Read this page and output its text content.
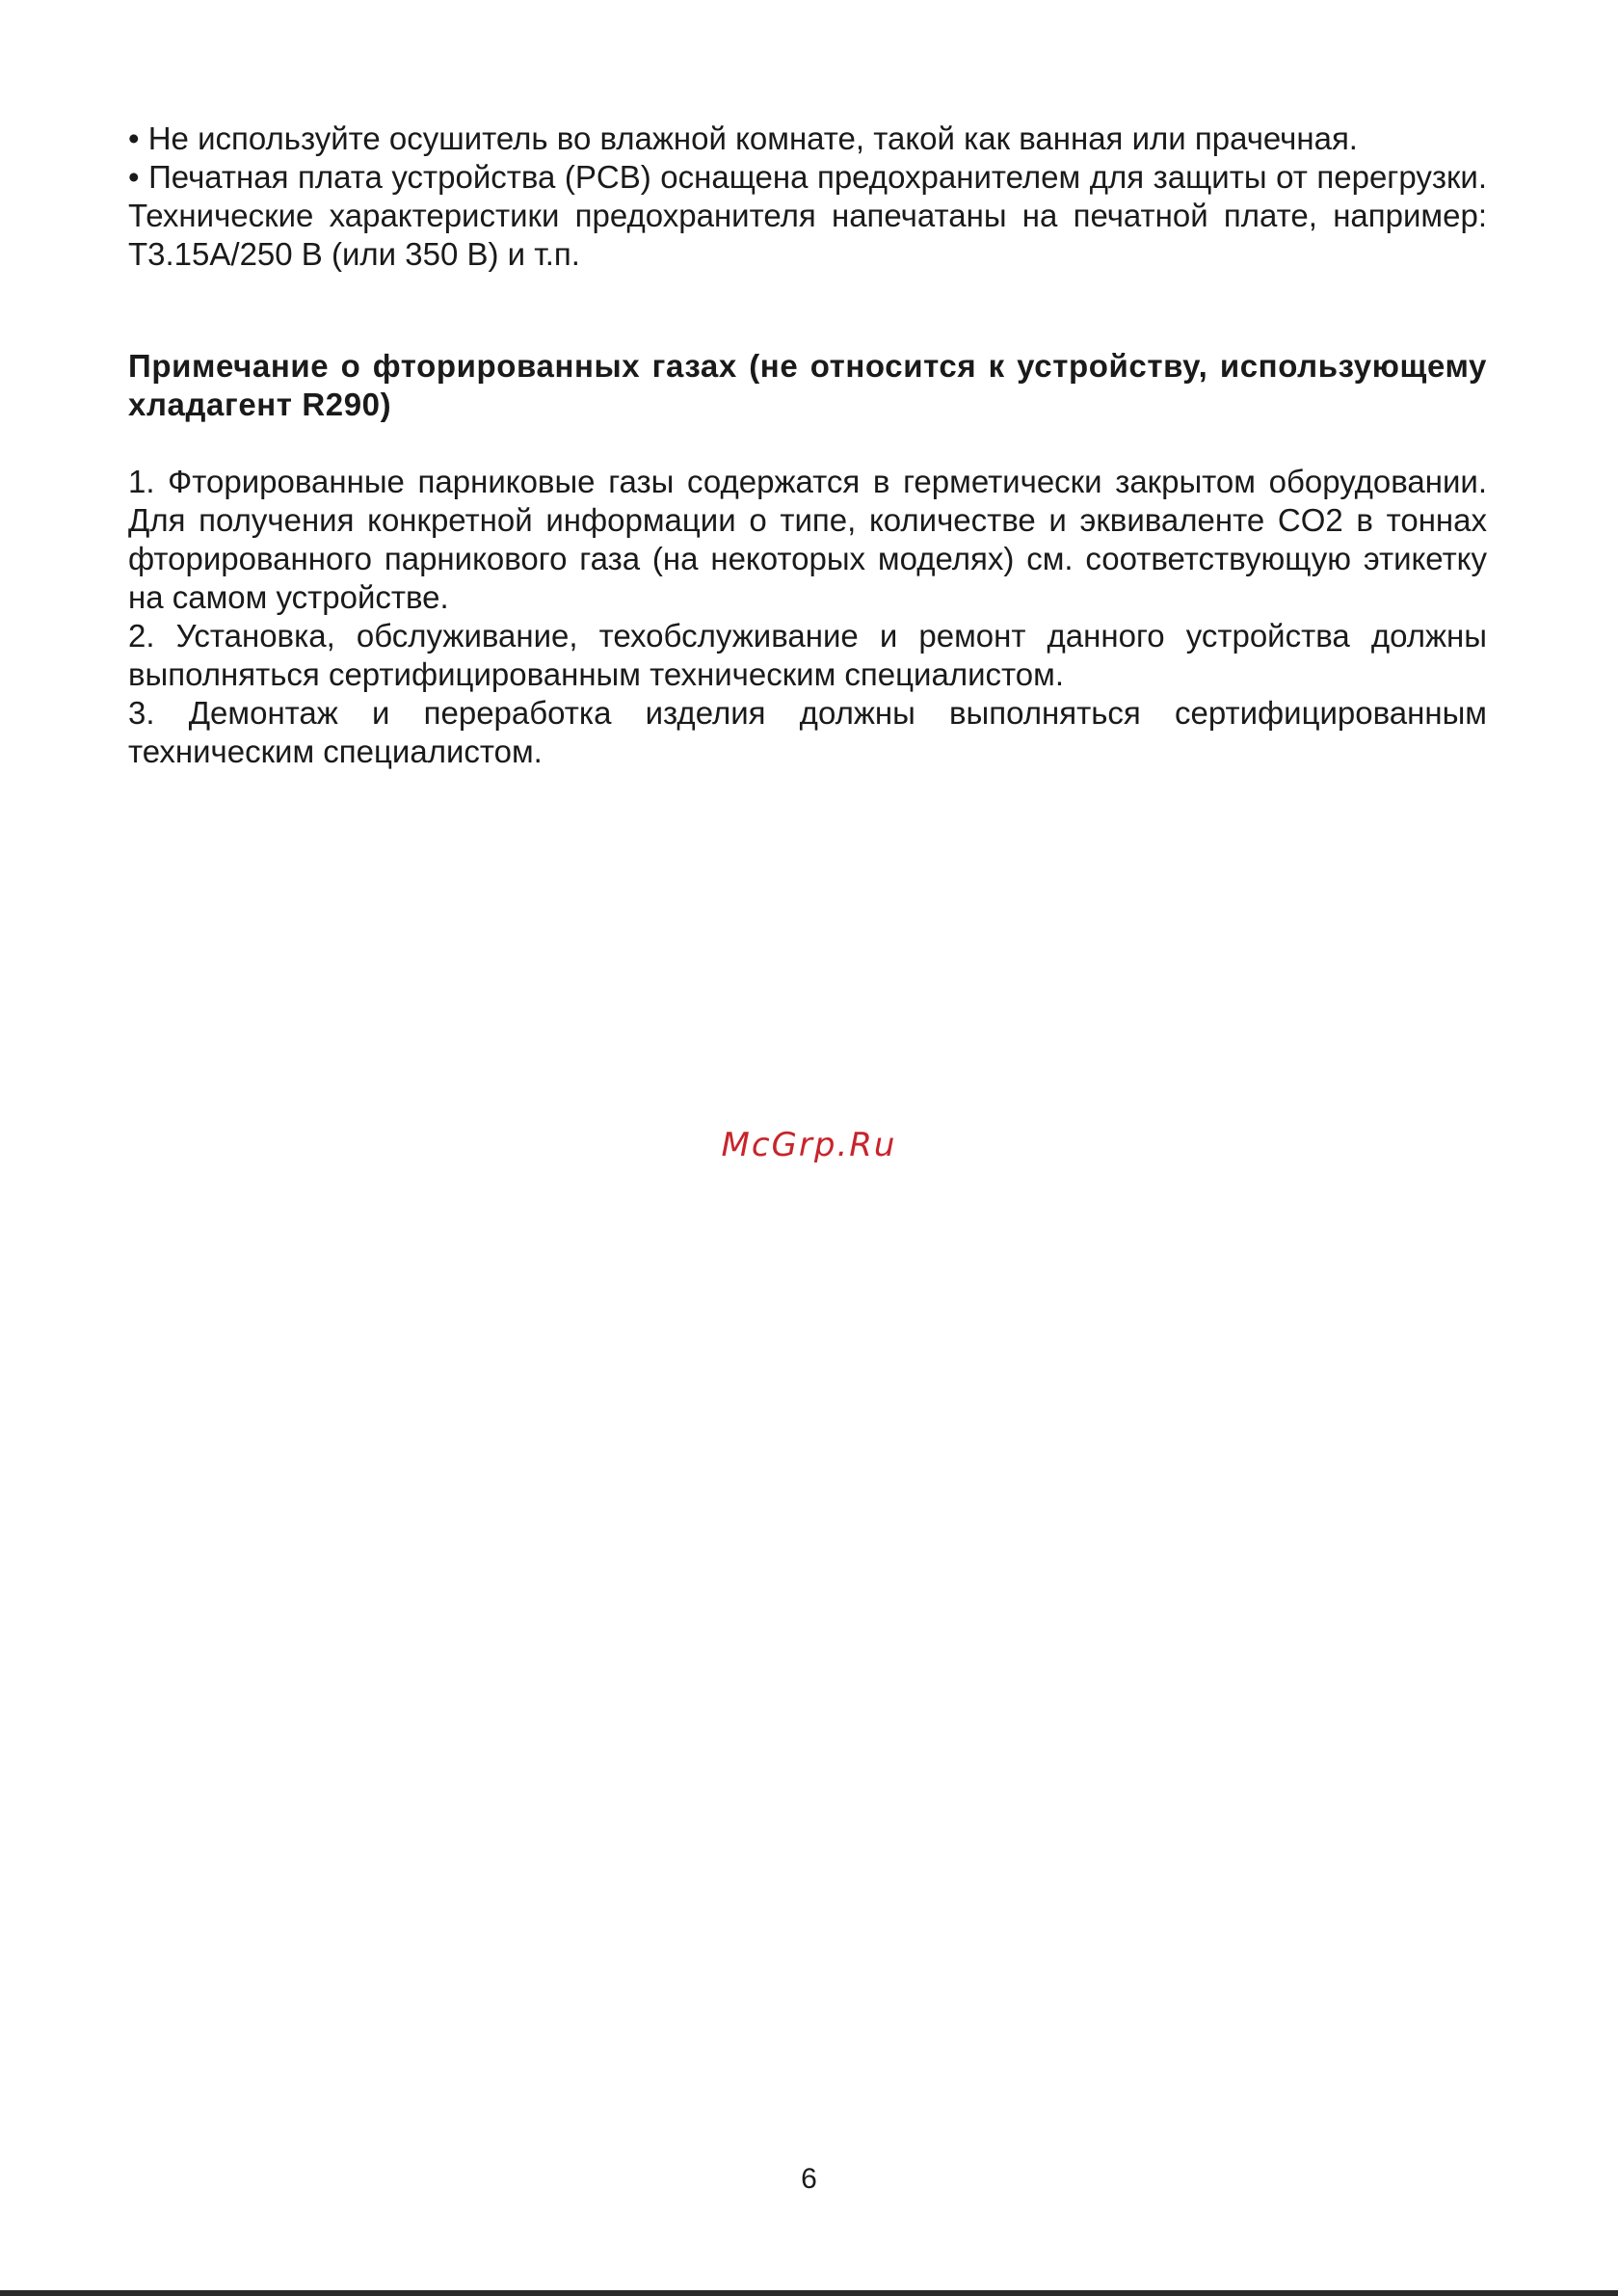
• Не используйте осушитель во влажной комнате, такой как ванная или прачечная.

• Печатная плата устройства (PCB) оснащена предохранителем для защиты от перегрузки. Технические характеристики предохранителя напечатаны на печатной плате, например: T3.15A/250 В (или 350 В) и т.п.

Примечание о фторированных газах (не относится к устройству, использующему хладагент R290)

1. Фторированные парниковые газы содержатся в герметически закрытом оборудовании. Для получения конкретной информации о типе, количестве и эквиваленте CO2 в тоннах фторированного парникового газа (на некоторых моделях) см. соответствующую этикетку на самом устройстве.

2. Установка, обслуживание, техобслуживание и ремонт данного устройства должны выполняться сертифицированным техническим специалистом.

3. Демонтаж и переработка изделия должны выполняться сертифицированным техническим специалистом.

McGrp.Ru
6
